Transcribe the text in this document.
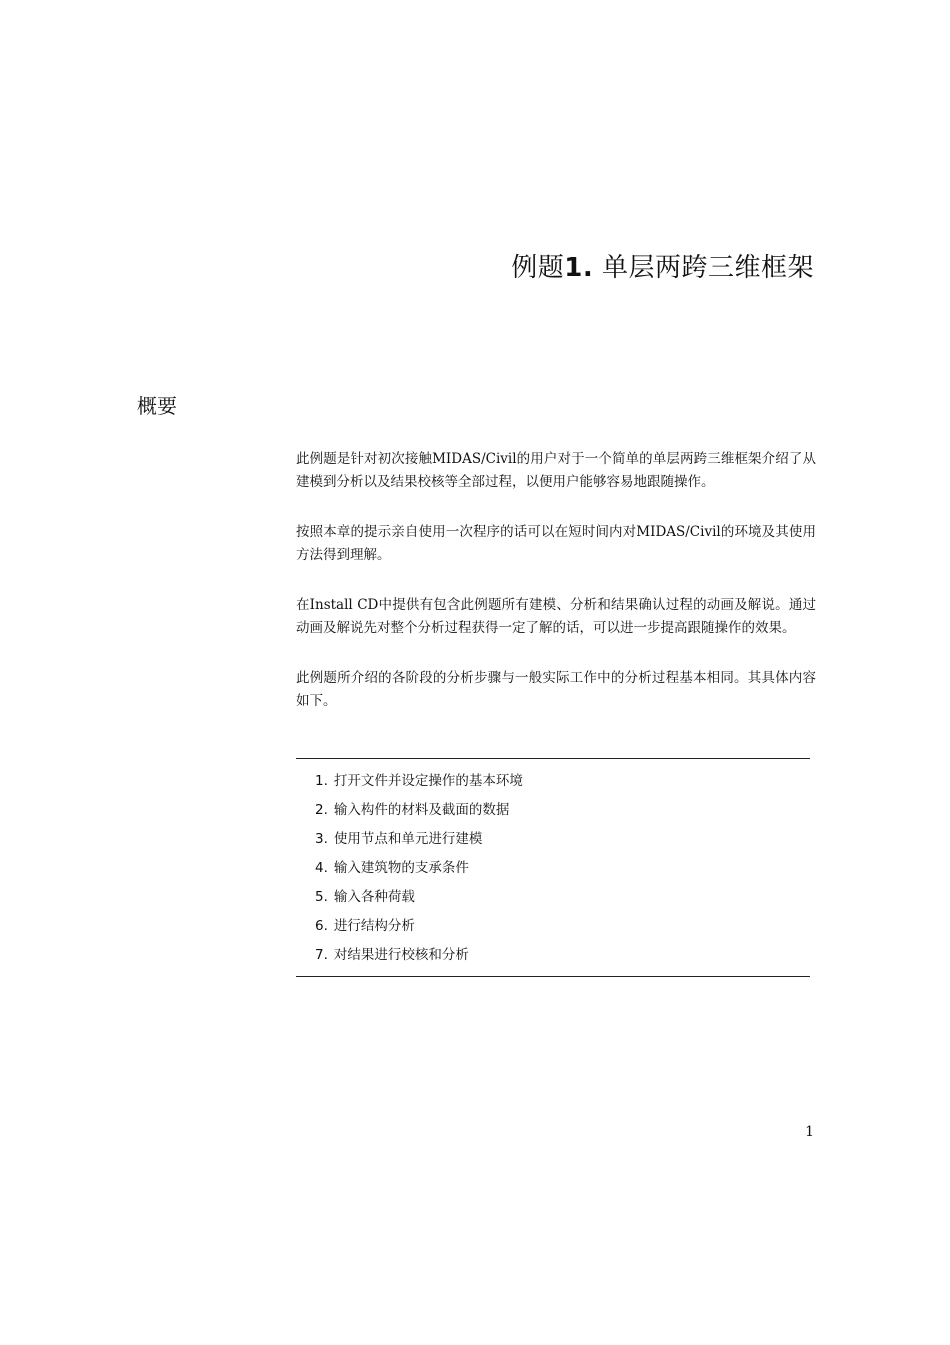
例题1. 单层两跨三维框架
概要

此例题是针对初次接触MIDAS/Civil的用户对于一个简单的单层两跨三维框架介绍了从建模到分析以及结果校核等全部过程，以便用户能够容易地跟随操作。

按照本章的提示亲自使用一次程序的话可以在短时间内对MIDAS/Civil的环境及其使用方法得到理解。

在Install CD中提供有包含此例题所有建模、分析和结果确认过程的动画及解说。通过动画及解说先对整个分析过程获得一定了解的话，可以进一步提高跟随操作的效果。

此例题所介绍的各阶段的分析步骤与一般实际工作中的分析过程基本相同。其具体内容如下。

1. 打开文件并设定操作的基本环境
2. 输入构件的材料及截面的数据
3. 使用节点和单元进行建模
4. 输入建筑物的支承条件
5. 输入各种荷载
6. 进行结构分析
7. 对结果进行校核和分析
1
